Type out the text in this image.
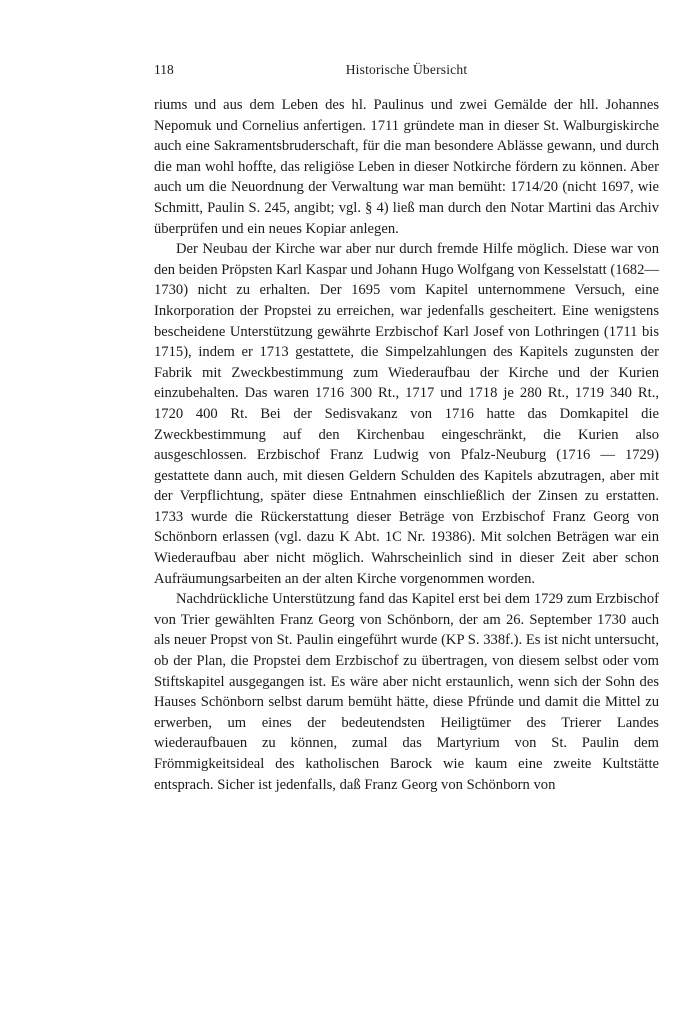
118	Historische Übersicht

riums und aus dem Leben des hl. Paulinus und zwei Gemälde der hll. Johannes Nepomuk und Cornelius anfertigen. 1711 gründete man in dieser St. Walburgiskirche auch eine Sakramentsbruderschaft, für die man besondere Ablässe gewann, und durch die man wohl hoffte, das religiöse Leben in dieser Notkirche fördern zu können. Aber auch um die Neuordnung der Verwaltung war man bemüht: 1714/20 (nicht 1697, wie Schmitt, Paulin S. 245, angibt; vgl. § 4) ließ man durch den Notar Martini das Archiv überprüfen und ein neues Kopiar anlegen.

Der Neubau der Kirche war aber nur durch fremde Hilfe möglich. Diese war von den beiden Pröpsten Karl Kaspar und Johann Hugo Wolfgang von Kesselstatt (1682—1730) nicht zu erhalten. Der 1695 vom Kapitel unternommene Versuch, eine Inkorporation der Propstei zu erreichen, war jedenfalls gescheitert. Eine wenigstens bescheidene Unterstützung gewährte Erzbischof Karl Josef von Lothringen (1711 bis 1715), indem er 1713 gestattete, die Simpelzahlungen des Kapitels zugunsten der Fabrik mit Zweckbestimmung zum Wiederaufbau der Kirche und der Kurien einzubehalten. Das waren 1716 300 Rt., 1717 und 1718 je 280 Rt., 1719 340 Rt., 1720 400 Rt. Bei der Sedisvakanz von 1716 hatte das Domkapitel die Zweckbestimmung auf den Kirchenbau eingeschränkt, die Kurien also ausgeschlossen. Erzbischof Franz Ludwig von Pfalz-Neuburg (1716 — 1729) gestattete dann auch, mit diesen Geldern Schulden des Kapitels abzutragen, aber mit der Verpflichtung, später diese Entnahmen einschließlich der Zinsen zu erstatten. 1733 wurde die Rückerstattung dieser Beträge von Erzbischof Franz Georg von Schönborn erlassen (vgl. dazu K Abt. 1C Nr. 19386). Mit solchen Beträgen war ein Wiederaufbau aber nicht möglich. Wahrscheinlich sind in dieser Zeit aber schon Aufräumungsarbeiten an der alten Kirche vorgenommen worden.

Nachdrückliche Unterstützung fand das Kapitel erst bei dem 1729 zum Erzbischof von Trier gewählten Franz Georg von Schönborn, der am 26. September 1730 auch als neuer Propst von St. Paulin eingeführt wurde (KP S. 338f.). Es ist nicht untersucht, ob der Plan, die Propstei dem Erzbischof zu übertragen, von diesem selbst oder vom Stiftskapitel ausgegangen ist. Es wäre aber nicht erstaunlich, wenn sich der Sohn des Hauses Schönborn selbst darum bemüht hätte, diese Pfründe und damit die Mittel zu erwerben, um eines der bedeutendsten Heiligtümer des Trierer Landes wiederaufbauen zu können, zumal das Martyrium von St. Paulin dem Frömmigkeitsideal des katholischen Barock wie kaum eine zweite Kultstätte entsprach. Sicher ist jedenfalls, daß Franz Georg von Schönborn von
